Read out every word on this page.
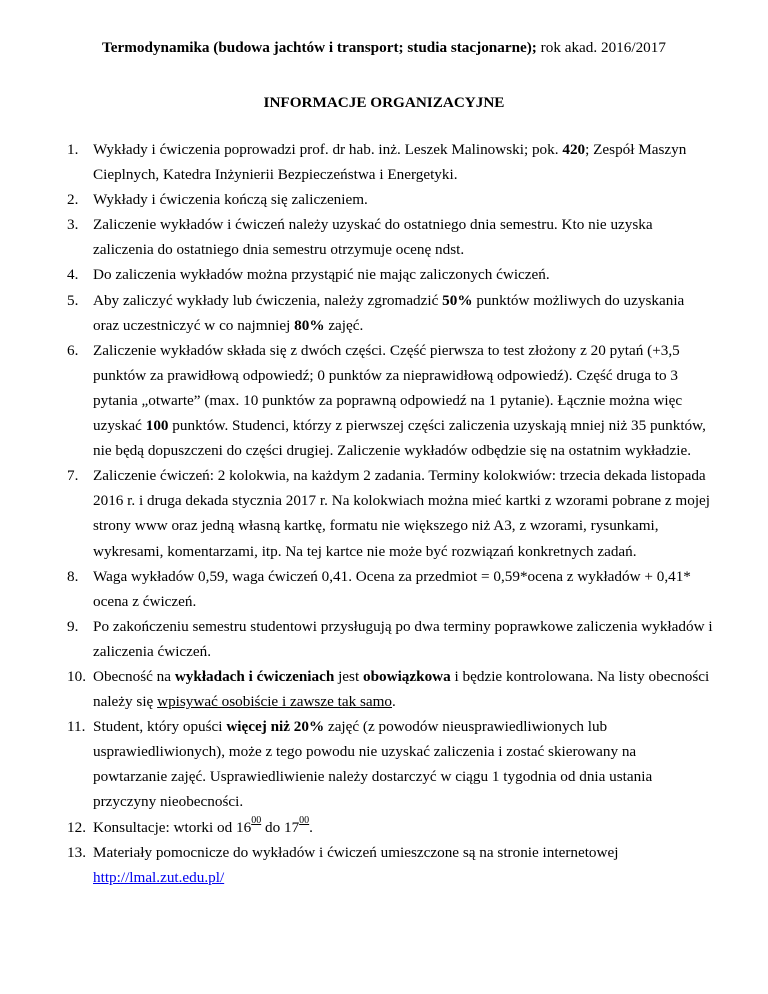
Termodynamika (budowa jachtów i transport; studia stacjonarne); rok akad. 2016/2017
INFORMACJE ORGANIZACYJNE
1. Wykłady i ćwiczenia poprowadzi prof. dr hab. inż. Leszek Malinowski; pok. 420; Zespół Maszyn Cieplnych, Katedra Inżynierii Bezpieczeństwa i Energetyki.
2. Wykłady i ćwiczenia kończą się zaliczeniem.
3. Zaliczenie wykładów i ćwiczeń należy uzyskać do ostatniego dnia semestru. Kto nie uzyska zaliczenia do ostatniego dnia semestru otrzymuje ocenę ndst.
4. Do zaliczenia wykładów można przystąpić nie mając zaliczonych ćwiczeń.
5. Aby zaliczyć wykłady lub ćwiczenia, należy zgromadzić 50% punktów możliwych do uzyskania oraz uczestniczyć w co najmniej 80% zajęć.
6. Zaliczenie wykładów składa się z dwóch części. Część pierwsza to test złożony z 20 pytań (+3,5 punktów za prawidłową odpowiedź; 0 punktów za nieprawidłową odpowiedź). Część druga to 3 pytania „otwarte” (max. 10 punktów za poprawną odpowiedź na 1 pytanie). Łącznie można więc uzyskać 100 punktów. Studenci, którzy z pierwszej części zaliczenia uzyskają mniej niż 35 punktów, nie będą dopuszczeni do części drugiej. Zaliczenie wykładów odbędzie się na ostatnim wykładzie.
7. Zaliczenie ćwiczeń: 2 kolokwia, na każdym 2 zadania. Terminy kolokwiów: trzecia dekada listopada 2016 r. i druga dekada stycznia 2017 r. Na kolokwiach można mieć kartki z wzorami pobrane z mojej strony www oraz jedną własną kartkę, formatu nie większego niż A3, z wzorami, rysunkami, wykresami, komentarzami, itp. Na tej kartce nie może być rozwiązań konkretnych zadań.
8. Waga wykładów 0,59, waga ćwiczeń 0,41. Ocena za przedmiot = 0,59*ocena z wykładów + 0,41* ocena z ćwiczeń.
9. Po zakończeniu semestru studentowi przysługują po dwa terminy poprawkowe zaliczenia wykładów i zaliczenia ćwiczeń.
10. Obecność na wykładach i ćwiczeniach jest obowiązkowa i będzie kontrolowana. Na listy obecności należy się wpisywać osobiście i zawsze tak samo.
11. Student, który opuści więcej niż 20% zajęć (z powodów nieusprawiedliwionych lub usprawiedliwionych), może z tego powodu nie uzyskać zaliczenia i zostać skierowany na powtarzanie zajęć. Usprawiedliwienie należy dostarczyć w ciągu 1 tygodnia od dnia ustania przyczyny nieobecności.
12. Konsultacje: wtorki od $16^{00}$ do $17^{00}$.
13. Materiały pomocnicze do wykładów i ćwiczeń umieszczone są na stronie internetowej
http://lmal.zut.edu.pl/
